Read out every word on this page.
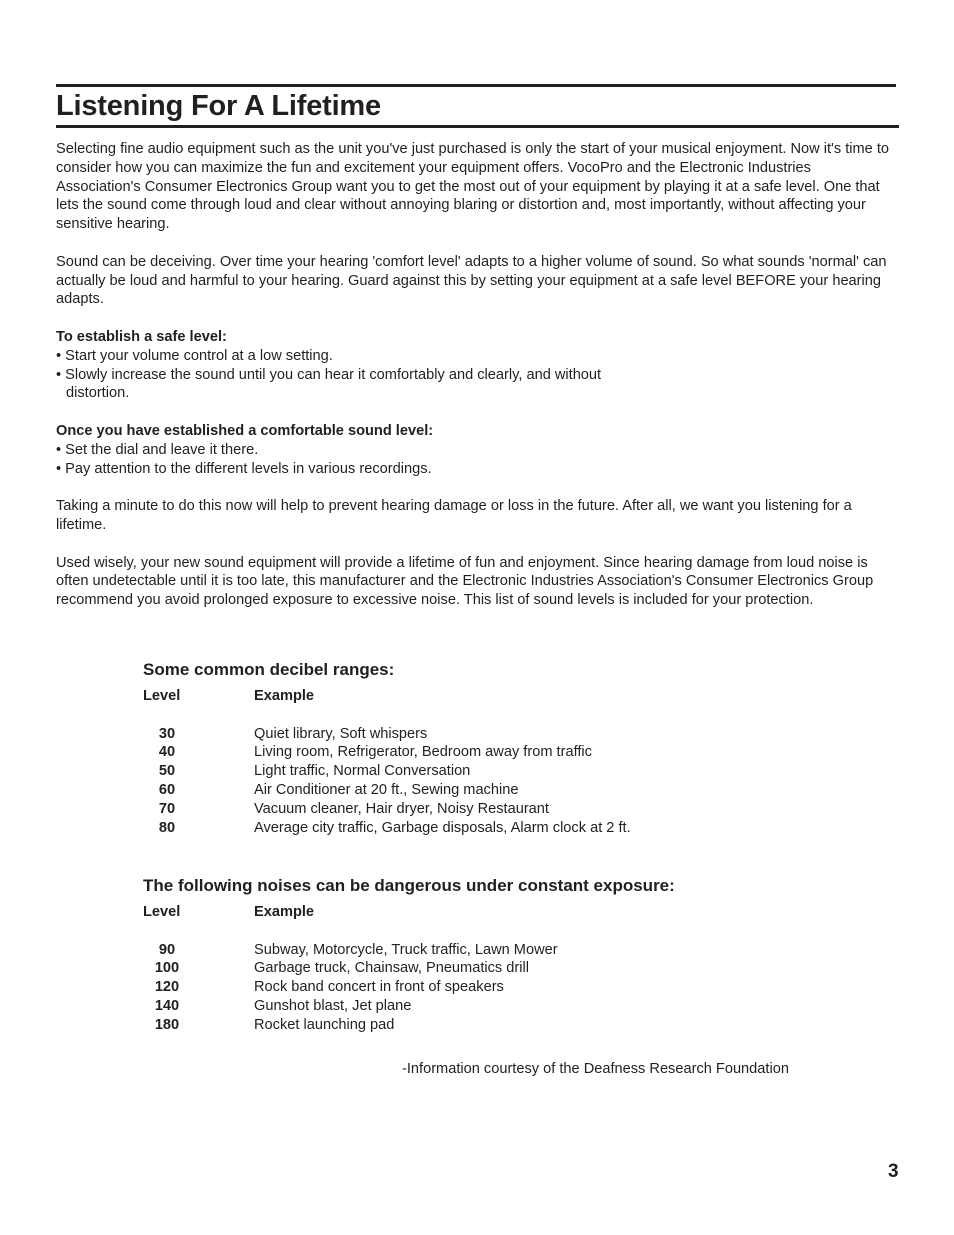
Listening For A Lifetime

Selecting fine audio equipment such as the unit you've just purchased is only the start of your musical enjoyment. Now it's time to consider how you can maximize the fun and excitement your equipment offers. VocoPro and the Electronic Industries Association's Consumer Electronics Group want you to get the most out of your equipment by playing it at a safe level. One that lets the sound come through loud and clear without annoying blaring or distortion and, most importantly, without affecting your sensitive hearing.

Sound can be deceiving. Over time your hearing 'comfort level' adapts to a higher volume of sound. So what sounds 'normal' can actually be loud and harmful to your hearing. Guard against this by setting your equipment at a safe level BEFORE your hearing adapts.

To establish a safe level:

• Start your volume control at a low setting.
• Slowly increase the sound until you can hear it comfortably and clearly, and without distortion.

Once you have established a comfortable sound level:

• Set the dial and leave it there.
• Pay attention to the different levels in various recordings.

Taking a minute to do this now will help to prevent hearing damage or loss in the future. After all, we want you listening for a lifetime.

Used wisely, your new sound equipment will provide a lifetime of fun and enjoyment. Since hearing damage from loud noise is often undetectable until it is too late, this manufacturer and the Electronic Industries Association's Consumer Electronics Group recommend you avoid prolonged exposure to excessive noise. This list of sound levels is included for your protection.

Some common decibel ranges:
Level	Example
30	Quiet library, Soft whispers
40	Living room, Refrigerator, Bedroom away from traffic
50	Light traffic, Normal Conversation
60	Air Conditioner at 20 ft., Sewing machine
70	Vacuum cleaner, Hair dryer, Noisy Restaurant
80	Average city traffic, Garbage disposals, Alarm clock at 2 ft.
The following noises can be dangerous under constant exposure:
Level	Example
90	Subway, Motorcycle, Truck traffic, Lawn Mower
100	Garbage truck, Chainsaw, Pneumatics drill
120	Rock band concert in front of speakers
140	Gunshot blast, Jet plane
180	Rocket launching pad
-Information courtesy of the Deafness Research Foundation
3
